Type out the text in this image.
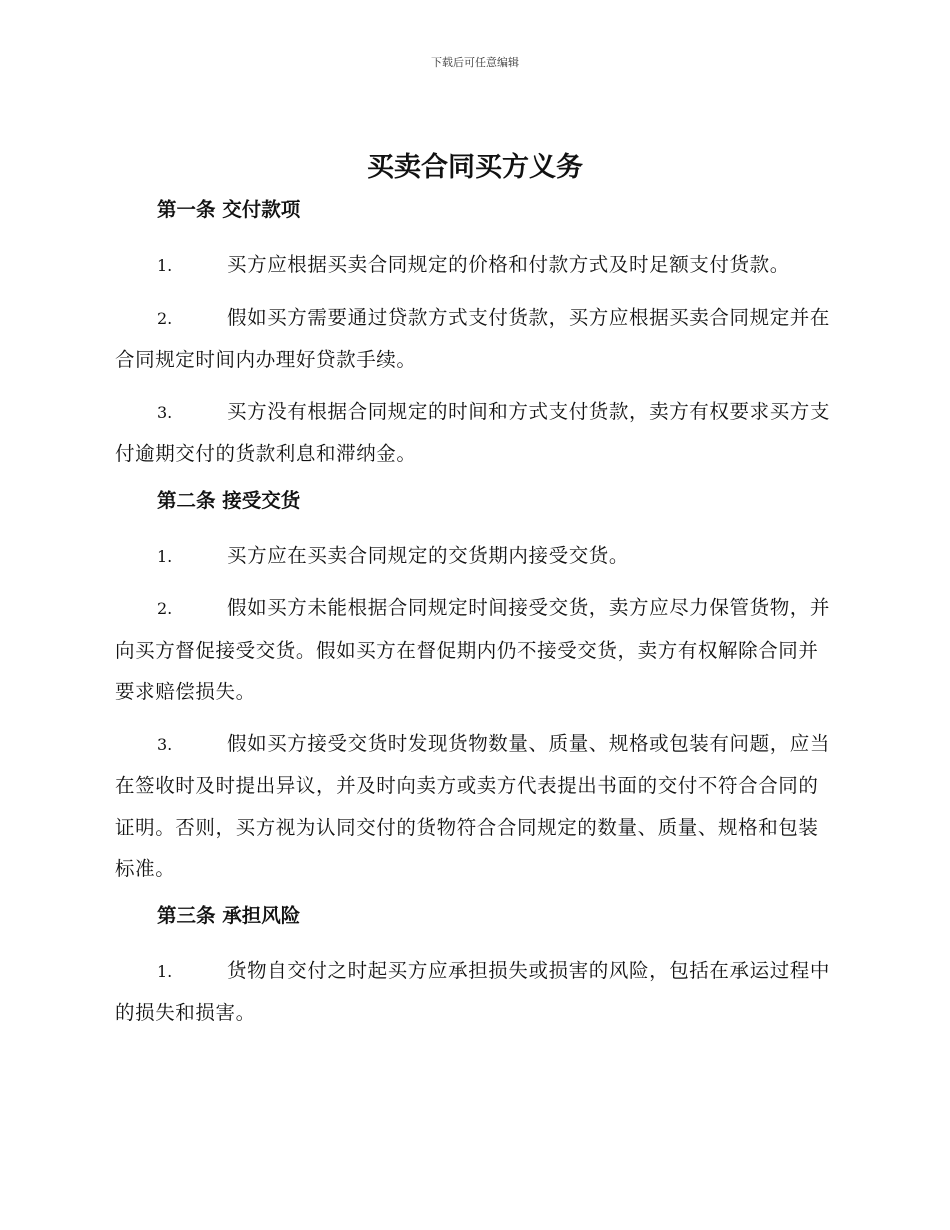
下载后可任意编辑
买卖合同买方义务
第一条 交付款项

1.	买方应根据买卖合同规定的价格和付款方式及时足额支付货款。

2.	假如买方需要通过贷款方式支付货款，买方应根据买卖合同规定并在合同规定时间内办理好贷款手续。

3.	买方没有根据合同规定的时间和方式支付货款，卖方有权要求买方支付逾期交付的货款利息和滞纳金。

第二条 接受交货

1.	买方应在买卖合同规定的交货期内接受交货。

2.	假如买方未能根据合同规定时间接受交货，卖方应尽力保管货物，并向买方督促接受交货。假如买方在督促期内仍不接受交货，卖方有权解除合同并要求赔偿损失。

3.	假如买方接受交货时发现货物数量、质量、规格或包装有问题，应当在签收时及时提出异议，并及时向卖方或卖方代表提出书面的交付不符合合同的证明。否则，买方视为认同交付的货物符合合同规定的数量、质量、规格和包装标准。

第三条 承担风险

1.	货物自交付之时起买方应承担损失或损害的风险，包括在承运过程中的损失和损害。
